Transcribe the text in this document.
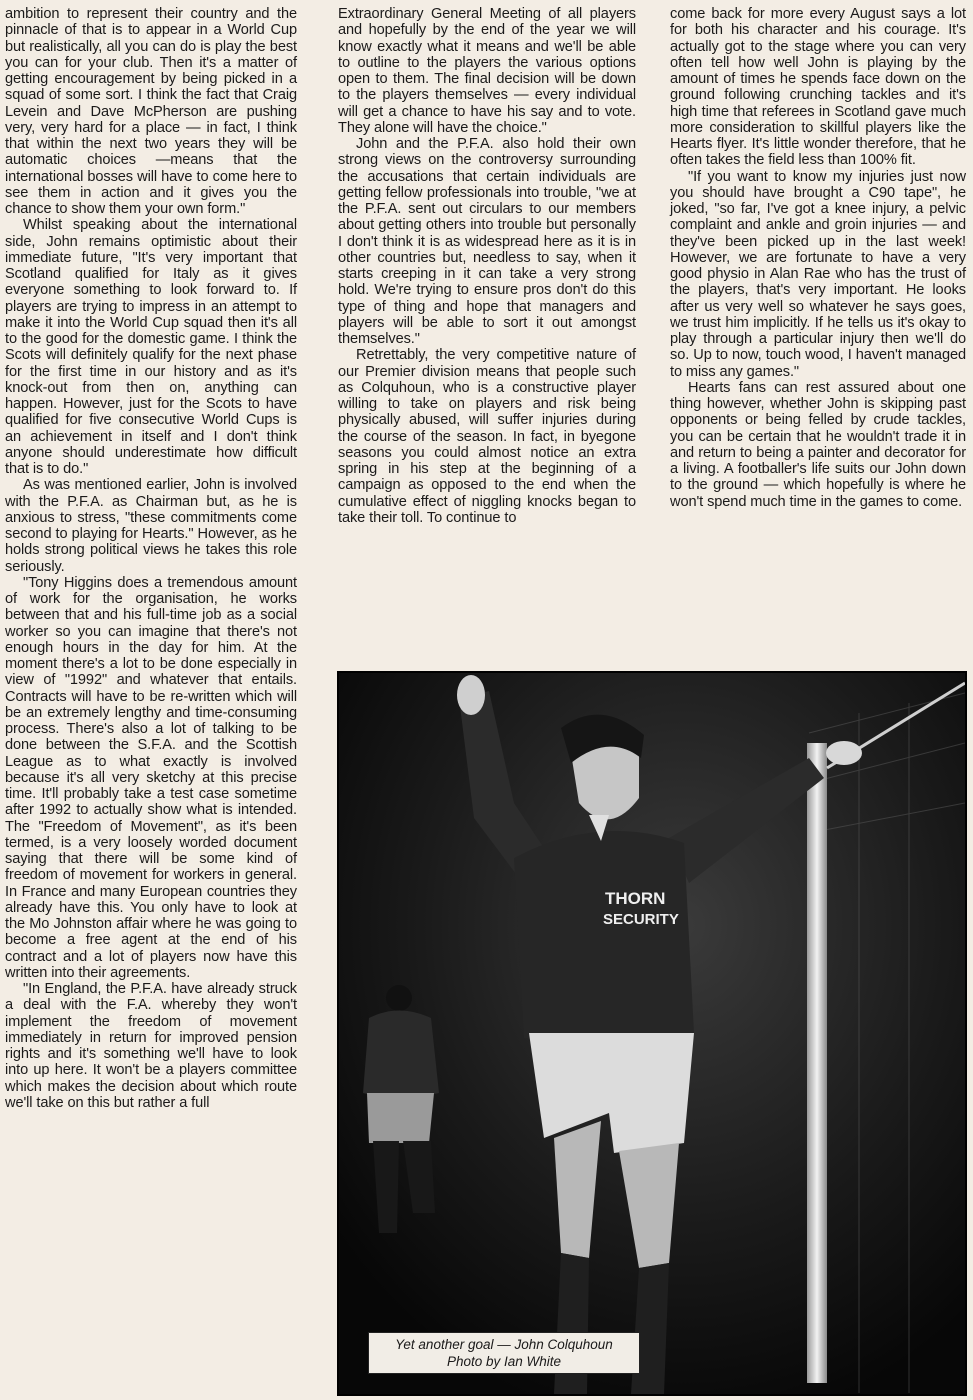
ambition to represent their country and the pinnacle of that is to appear in a World Cup but realistically, all you can do is play the best you can for your club. Then it's a matter of getting encouragement by being picked in a squad of some sort. I think the fact that Craig Levein and Dave McPherson are pushing very, very hard for a place — in fact, I think that within the next two years they will be automatic choices —means that the international bosses will have to come here to see them in action and it gives you the chance to show them your own form."

Whilst speaking about the international side, John remains optimistic about their immediate future, "It's very important that Scotland qualified for Italy as it gives everyone something to look forward to. If players are trying to impress in an attempt to make it into the World Cup squad then it's all to the good for the domestic game. I think the Scots will definitely qualify for the next phase for the first time in our history and as it's knock-out from then on, anything can happen. However, just for the Scots to have qualified for five consecutive World Cups is an achievement in itself and I don't think anyone should underestimate how difficult that is to do."

As was mentioned earlier, John is involved with the P.F.A. as Chairman but, as he is anxious to stress, "these commitments come second to playing for Hearts." However, as he holds strong political views he takes this role seriously.

"Tony Higgins does a tremendous amount of work for the organisation, he works between that and his full-time job as a social worker so you can imagine that there's not enough hours in the day for him. At the moment there's a lot to be done especially in view of "1992" and whatever that entails. Contracts will have to be re-written which will be an extremely lengthy and time-consuming process. There's also a lot of talking to be done between the S.F.A. and the Scottish League as to what exactly is involved because it's all very sketchy at this precise time. It'll probably take a test case sometime after 1992 to actually show what is intended. The "Freedom of Movement", as it's been termed, is a very loosely worded document saying that there will be some kind of freedom of movement for workers in general. In France and many European countries they already have this. You only have to look at the Mo Johnston affair where he was going to become a free agent at the end of his contract and a lot of players now have this written into their agreements.

"In England, the P.F.A. have already struck a deal with the F.A. whereby they won't implement the freedom of movement immediately in return for improved pension rights and it's something we'll have to look into up here. It won't be a players committee which makes the decision about which route we'll take on this but rather a full

Extraordinary General Meeting of all players and hopefully by the end of the year we will know exactly what it means and we'll be able to outline to the players the various options open to them. The final decision will be down to the players themselves — every individual will get a chance to have his say and to vote. They alone will have the choice."

John and the P.F.A. also hold their own strong views on the controversy surrounding the accusations that certain individuals are getting fellow professionals into trouble, "we at the P.F.A. sent out circulars to our members about getting others into trouble but personally I don't think it is as widespread here as it is in other countries but, needless to say, when it starts creeping in it can take a very strong hold. We're trying to ensure pros don't do this type of thing and hope that managers and players will be able to sort it out amongst themselves."

Retrettably, the very competitive nature of our Premier division means that people such as Colquhoun, who is a constructive player willing to take on players and risk being physically abused, will suffer injuries during the course of the season. In fact, in byegone seasons you could almost notice an extra spring in his step at the beginning of a campaign as opposed to the end when the cumulative effect of niggling knocks began to take their toll. To continue to

come back for more every August says a lot for both his character and his courage. It's actually got to the stage where you can very often tell how well John is playing by the amount of times he spends face down on the ground following crunching tackles and it's high time that referees in Scotland gave much more consideration to skillful players like the Hearts flyer. It's little wonder therefore, that he often takes the field less than 100% fit.

"If you want to know my injuries just now you should have brought a C90 tape", he joked, "so far, I've got a knee injury, a pelvic complaint and ankle and groin injuries — and they've been picked up in the last week! However, we are fortunate to have a very good physio in Alan Rae who has the trust of the players, that's very important. He looks after us very well so whatever he says goes, we trust him implicitly. If he tells us it's okay to play through a particular injury then we'll do so. Up to now, touch wood, I haven't managed to miss any games."

Hearts fans can rest assured about one thing however, whether John is skipping past opponents or being felled by crude tackles, you can be certain that he wouldn't trade it in and return to being a painter and decorator for a living. A footballer's life suits our John down to the ground — which hopefully is where he won't spend much time in the games to come.

THORN
SECURITY
Yet another goal — John Colquhoun
Photo by Ian White
